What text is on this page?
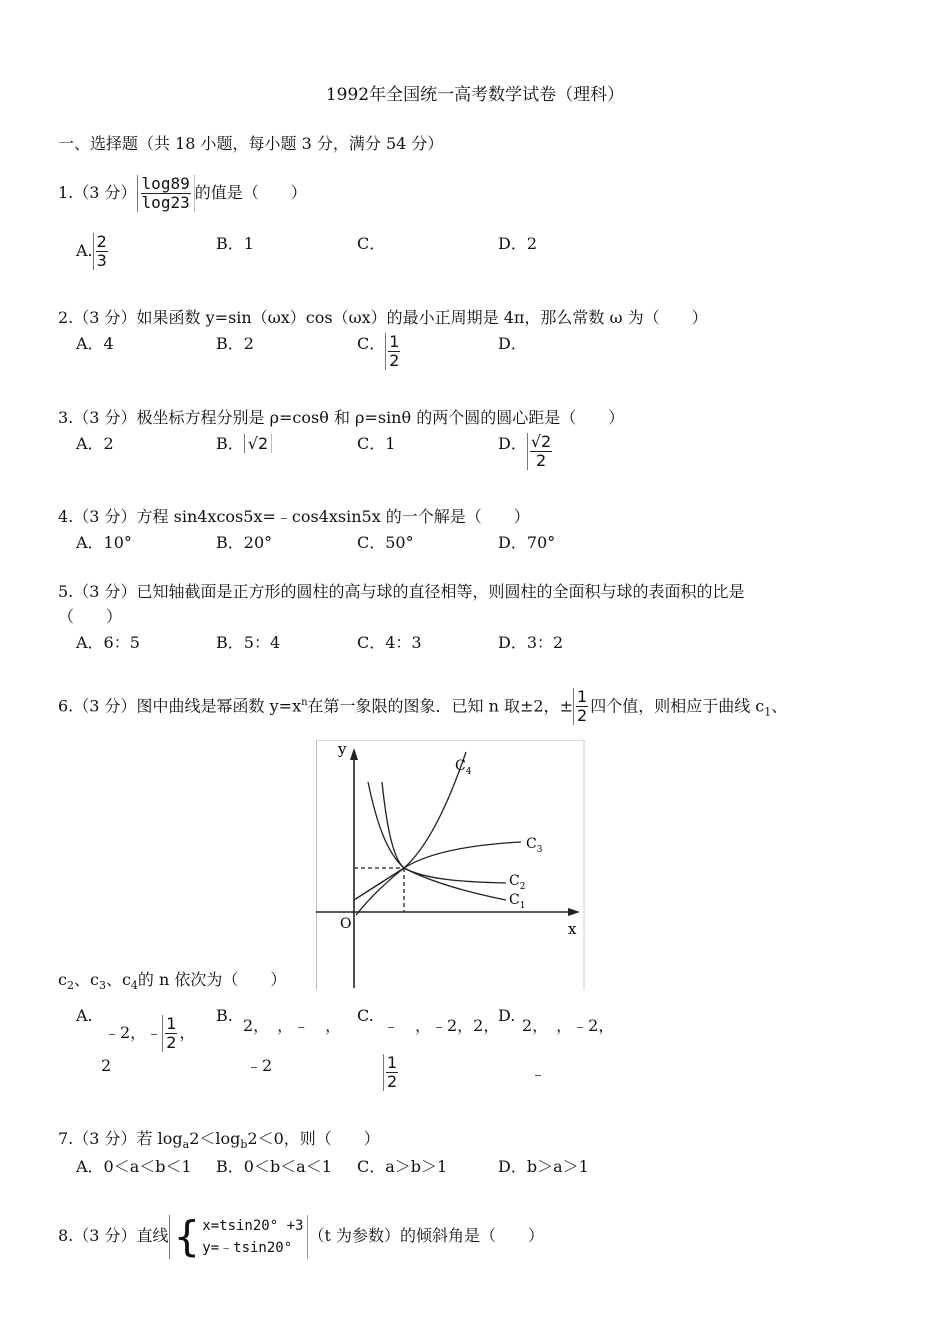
1992年全国统一高考数学试卷（理科）
一、选择题（共 18 小题，每小题 3 分，满分 54 分）
1.（3 分） $\frac{\log 89}{\log 23}$ 的值是（　　）
A. $\frac{2}{3}$	B．1	C．	D．2
2.（3 分）如果函数 y=sin（ωx）cos（ωx）的最小正周期是 4π，那么常数 ω 为（　　）
A．4	B．2	C． $\frac{1}{2}$	D．
3.（3 分）极坐标方程分别是 ρ=cosθ 和 ρ=sinθ 的两个圆的圆心距是（　　）
A．2	B． √2	C．1	D． $\frac{√2}{2}$
4.（3 分）方程 sin4xcos5x=﹣cos4xsin5x 的一个解是（　　）
A．10°	B．20°	C．50°	D．70°
5.（3 分）已知轴截面是正方形的圆柱的高与球的直径相等，则圆柱的全面积与球的表面积的比是
（　　）
A．6：5	B．5：4	C．4：3	D．3：2
6.（3 分）图中曲线是幂函数 $y=x^n$在第一象限的图象．已知 n 取±2，± $\frac{1}{2}$ 四个值，则相应于曲线 $c_1$、
y
x
O
$C_4$
$C_3$
$C_2$
$C_1$
$c_2$、$c_3$、$c_4$的 n 依次为（　　）
A.
﹣2，﹣ $\frac{1}{2}$ ，
2
B.
2，　，﹣　，
﹣2
C.
﹣　，﹣2，2，
$\frac{1}{2}$
D.
2，　，﹣2，
﹣
7.（3 分）若 $\log_a2<\log_b2<0$，则（　　）
A．0＜a＜b＜1 B．0＜b＜a＜1 C．a＞b＞1	D．b＞a＞1
8.（3 分）直线 { x=tsin20° +3
y=﹣tsin20°
（t 为参数）的倾斜角是（　　）
